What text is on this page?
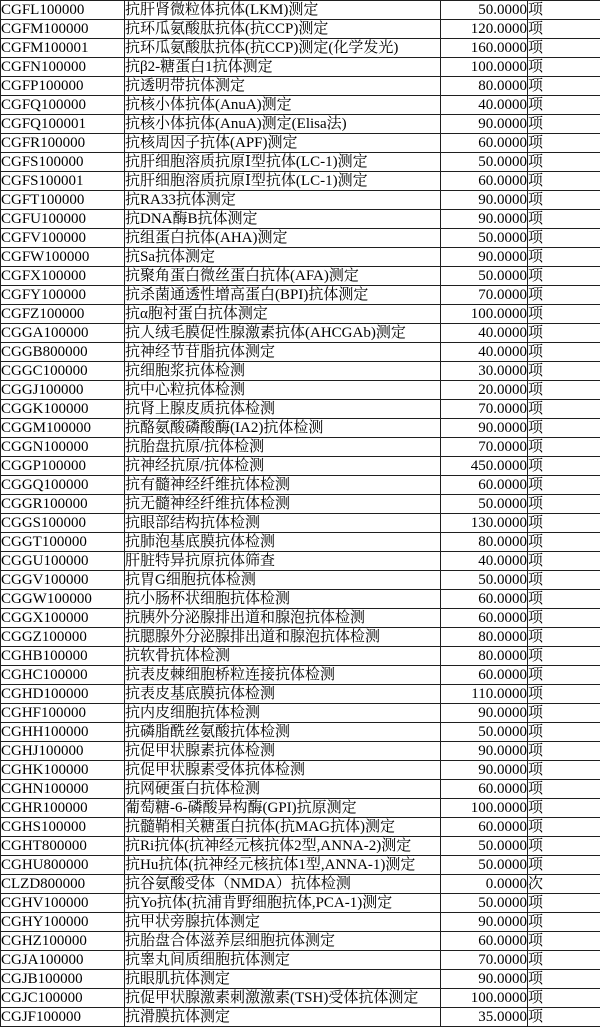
CGFL100000	抗肝肾微粒体抗体(LKM)测定	50.0000	项
CGFM100000	抗环瓜氨酸肽抗体(抗CCP)测定	120.0000	项
CGFM100001	抗环瓜氨酸肽抗体(抗CCP)测定(化学发光)	160.0000	项
CGFN100000	抗β2-糖蛋白1抗体测定	100.0000	项
CGFP100000	抗透明带抗体测定	80.0000	项
CGFQ100000	抗核小体抗体(AnuA)测定	40.0000	项
CGFQ100001	抗核小体抗体(AnuA)测定(Elisa法)	90.0000	项
CGFR100000	抗核周因子抗体(APF)测定	60.0000	项
CGFS100000	抗肝细胞溶质抗原Ⅰ型抗体(LC-1)测定	50.0000	项
CGFS100001	抗肝细胞溶质抗原Ⅰ型抗体(LC-1)测定	60.0000	项
CGFT100000	抗RA33抗体测定	90.0000	项
CGFU100000	抗DNA酶B抗体测定	90.0000	项
CGFV100000	抗组蛋白抗体(AHA)测定	50.0000	项
CGFW100000	抗Sa抗体测定	90.0000	项
CGFX100000	抗聚角蛋白微丝蛋白抗体(AFA)测定	50.0000	项
CGFY100000	抗杀菌通透性增高蛋白(BPI)抗体测定	70.0000	项
CGFZ100000	抗α胞衬蛋白抗体测定	100.0000	项
CGGA100000	抗人绒毛膜促性腺激素抗体(AHCGAb)测定	40.0000	项
CGGB800000	抗神经节苷脂抗体测定	40.0000	项
CGGC100000	抗细胞浆抗体检测	30.0000	项
CGGJ100000	抗中心粒抗体检测	20.0000	项
CGGK100000	抗肾上腺皮质抗体检测	70.0000	项
CGGM100000	抗酪氨酸磷酸酶(IA2)抗体检测	90.0000	项
CGGN100000	抗胎盘抗原/抗体检测	70.0000	项
CGGP100000	抗神经抗原/抗体检测	450.0000	项
CGGQ100000	抗有髓神经纤维抗体检测	60.0000	项
CGGR100000	抗无髓神经纤维抗体检测	50.0000	项
CGGS100000	抗眼部结构抗体检测	130.0000	项
CGGT100000	抗肺泡基底膜抗体检测	80.0000	项
CGGU100000	肝脏特异抗原抗体筛查	40.0000	项
CGGV100000	抗胃G细胞抗体检测	50.0000	项
CGGW100000	抗小肠杯状细胞抗体检测	60.0000	项
CGGX100000	抗胰外分泌腺排出道和腺泡抗体检测	60.0000	项
CGGZ100000	抗腮腺外分泌腺排出道和腺泡抗体检测	80.0000	项
CGHB100000	抗软骨抗体检测	80.0000	项
CGHC100000	抗表皮棘细胞桥粒连接抗体检测	60.0000	项
CGHD100000	抗表皮基底膜抗体检测	110.0000	项
CGHF100000	抗内皮细胞抗体检测	90.0000	项
CGHH100000	抗磷脂酰丝氨酸抗体检测	50.0000	项
CGHJ100000	抗促甲状腺素抗体检测	90.0000	项
CGHK100000	抗促甲状腺素受体抗体检测	90.0000	项
CGHN100000	抗网硬蛋白抗体检测	60.0000	项
CGHR100000	葡萄糖-6-磷酸异构酶(GPI)抗原测定	100.0000	项
CGHS100000	抗髓鞘相关糖蛋白抗体(抗MAG抗体)测定	60.0000	项
CGHT800000	抗Ri抗体(抗神经元核抗体2型,ANNA-2)测定	50.0000	项
CGHU800000	抗Hu抗体(抗神经元核抗体1型,ANNA-1)测定	50.0000	项
CLZD800000	抗谷氨酸受体（NMDA）抗体检测	0.0000	次
CGHV100000	抗Yo抗体(抗浦肯野细胞抗体,PCA-1)测定	50.0000	项
CGHY100000	抗甲状旁腺抗体测定	90.0000	项
CGHZ100000	抗胎盘合体滋养层细胞抗体测定	60.0000	项
CGJA100000	抗睾丸间质细胞抗体测定	70.0000	项
CGJB100000	抗眼肌抗体测定	90.0000	项
CGJC100000	抗促甲状腺激素刺激激素(TSH)受体抗体测定	100.0000	项
CGJF100000	抗滑膜抗体测定	35.0000	项
